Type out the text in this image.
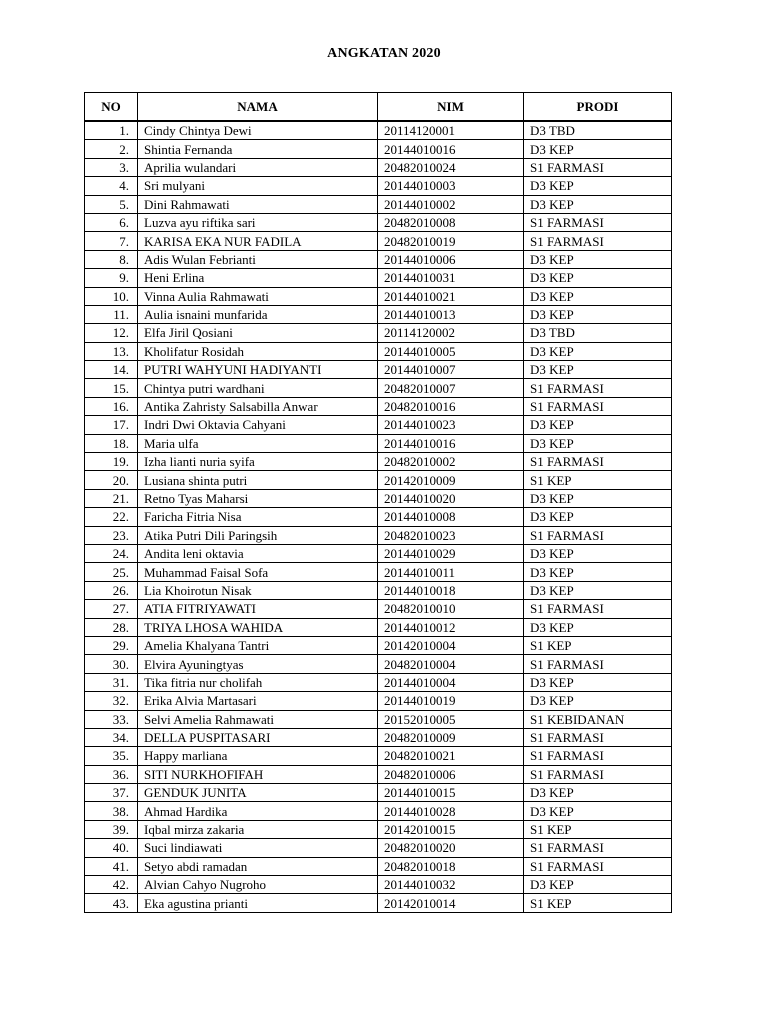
ANGKATAN 2020
NO	NAMA	NIM	PRODI
1.	Cindy Chintya Dewi	20114120001	D3 TBD
2.	Shintia Fernanda	20144010016	D3 KEP
3.	Aprilia wulandari	20482010024	S1 FARMASI
4.	Sri mulyani	20144010003	D3 KEP
5.	Dini Rahmawati	20144010002	D3 KEP
6.	Luzva ayu riftika sari	20482010008	S1 FARMASI
7.	KARISA EKA NUR FADILA	20482010019	S1 FARMASI
8.	Adis Wulan Febrianti	20144010006	D3 KEP
9.	Heni Erlina	20144010031	D3 KEP
10.	Vinna Aulia Rahmawati	20144010021	D3 KEP
11.	Aulia isnaini munfarida	20144010013	D3 KEP
12.	Elfa Jiril Qosiani	20114120002	D3 TBD
13.	Kholifatur Rosidah	20144010005	D3 KEP
14.	PUTRI WAHYUNI HADIYANTI	20144010007	D3 KEP
15.	Chintya putri wardhani	20482010007	S1 FARMASI
16.	Antika Zahristy Salsabilla Anwar	20482010016	S1 FARMASI
17.	Indri Dwi Oktavia Cahyani	20144010023	D3 KEP
18.	Maria ulfa	20144010016	D3 KEP
19.	Izha lianti nuria syifa	20482010002	S1 FARMASI
20.	Lusiana shinta putri	20142010009	S1 KEP
21.	Retno Tyas Maharsi	20144010020	D3 KEP
22.	Faricha Fitria Nisa	20144010008	D3 KEP
23.	Atika Putri Dili Paringsih	20482010023	S1 FARMASI
24.	Andita leni oktavia	20144010029	D3 KEP
25.	Muhammad Faisal Sofa	20144010011	D3 KEP
26.	Lia Khoirotun Nisak	20144010018	D3 KEP
27.	ATIA FITRIYAWATI	20482010010	S1 FARMASI
28.	TRIYA LHOSA WAHIDA	20144010012	D3 KEP
29.	Amelia Khalyana Tantri	20142010004	S1 KEP
30.	Elvira Ayuningtyas	20482010004	S1 FARMASI
31.	Tika fitria nur cholifah	20144010004	D3 KEP
32.	Erika Alvia Martasari	20144010019	D3 KEP
33.	Selvi Amelia Rahmawati	20152010005	S1 KEBIDANAN
34.	DELLA PUSPITASARI	20482010009	S1 FARMASI
35.	Happy marliana	20482010021	S1 FARMASI
36.	SITI NURKHOFIFAH	20482010006	S1 FARMASI
37.	GENDUK JUNITA	20144010015	D3 KEP
38.	Ahmad Hardika	20144010028	D3 KEP
39.	Iqbal mirza zakaria	20142010015	S1 KEP
40.	Suci lindiawati	20482010020	S1 FARMASI
41.	Setyo abdi ramadan	20482010018	S1 FARMASI
42.	Alvian Cahyo Nugroho	20144010032	D3 KEP
43.	Eka agustina prianti	20142010014	S1 KEP
